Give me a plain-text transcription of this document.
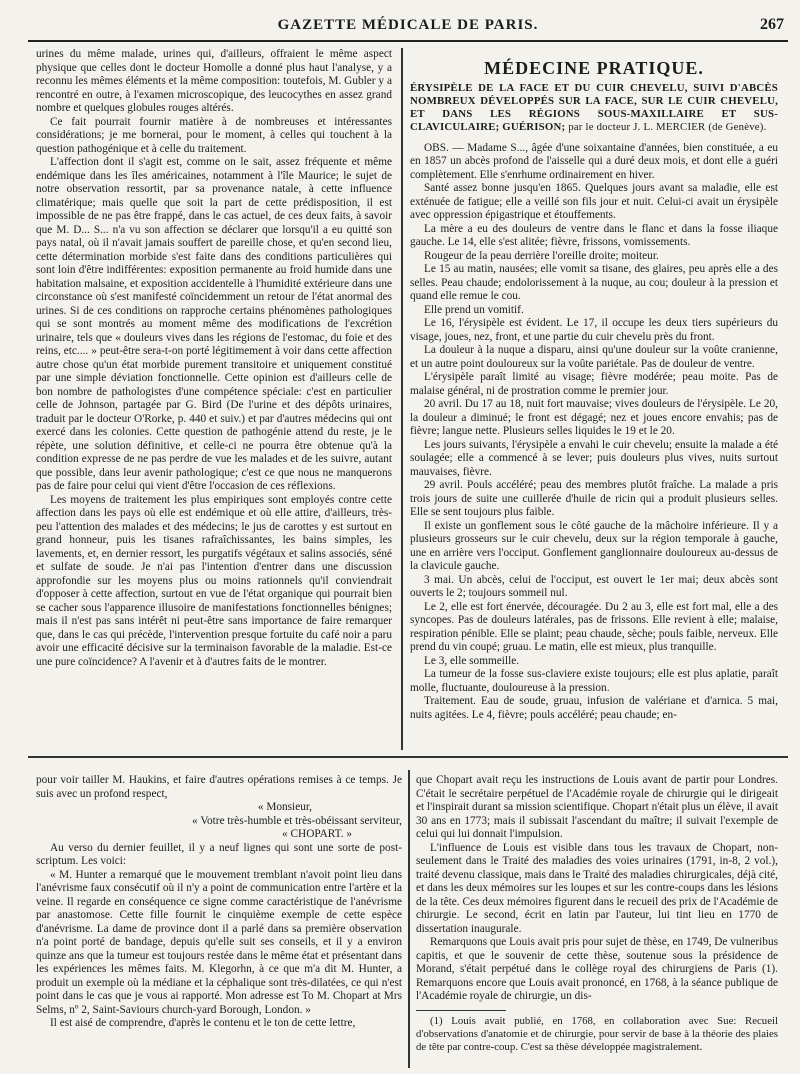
GAZETTE MÉDICALE DE PARIS.	267

urines du même malade, urines qui, d'ailleurs, offraient le même aspect physique que celles dont le docteur Homolle a donné plus haut l'analyse, y a reconnu les mêmes éléments et la même composition: toutefois, M. Gubler y a rencontré en outre, à l'examen microscopique, des leucocythes en assez grand nombre et quelques globules rouges altérés.

Ce fait pourrait fournir matière à de nombreuses et intéressantes considérations; je me bornerai, pour le moment, à celles qui touchent à la question pathogénique et à celle du traitement.

L'affection dont il s'agit est, comme on le sait, assez fréquente et même endémique dans les îles américaines, notamment à l'île Maurice; le sujet de notre observation ressortit, par sa provenance natale, à cette influence climatérique; mais quelle que soit la part de cette prédisposition, il est impossible de ne pas être frappé, dans le cas actuel, de ces deux faits, à savoir que M. D... S... n'a vu son affection se déclarer que lorsqu'il a eu quitté son pays natal, où il n'avait jamais souffert de pareille chose, et qu'en second lieu, cette détermination morbide s'est faite dans des conditions particulières qui sont loin d'être indifférentes: exposition permanente au froid humide dans une habitation malsaine, et exposition accidentelle à l'humidité extérieure dans une circonstance où s'est manifesté coïncidemment un retour de l'état anormal des urines. Si de ces conditions on rapproche certains phénomènes pathologiques qui se sont montrés au moment même des modifications de l'excrétion urinaire, tels que « douleurs vives dans les régions de l'estomac, du foie et des reins, etc.... » peut-être sera-t-on porté légitimement à voir dans cette affection autre chose qu'un état morbide purement transitoire et uniquement constitué par une simple déviation fonctionnelle. Cette opinion est d'ailleurs celle de bon nombre de pathologistes d'une compétence spéciale: c'est en particulier celle de Johnson, partagée par G. Bird (De l'urine et des dépôts urinaires, traduit par le docteur O'Rorke, p. 440 et suiv.) et par d'autres médecins qui ont exercé dans les colonies. Cette question de pathogénie attend du reste, je le répète, une solution définitive, et celle-ci ne pourra être obtenue qu'à la condition expresse de ne pas perdre de vue les malades et de les suivre, autant que possible, dans leur avenir pathologique; c'est ce que nous ne manquerons pas de faire pour celui qui vient d'être l'occasion de ces réflexions.

Les moyens de traitement les plus empiriques sont employés contre cette affection dans les pays où elle est endémique et où elle attire, d'ailleurs, très-peu l'attention des malades et des médecins; le jus de carottes y est surtout en grand honneur, puis les tisanes rafraîchissantes, les bains simples, les lavements, et, en dernier ressort, les purgatifs végétaux et salins associés, séné et sulfate de soude. Je n'ai pas l'intention d'entrer dans une discussion approfondie sur les moyens plus ou moins rationnels qu'il conviendrait d'opposer à cette affection, surtout en vue de l'état organique qui pourrait bien se cacher sous l'apparence illusoire de manifestations fonctionnelles bénignes; mais il n'est pas sans intérêt ni peut-être sans importance de faire remarquer que, dans le cas qui précède, l'intervention presque fortuite du café noir a paru avoir une efficacité décisive sur la terminaison favorable de la maladie. Est-ce une pure coïncidence? A l'avenir et à d'autres faits de le montrer.

MÉDECINE PRATIQUE.
ÉRYSIPÈLE DE LA FACE ET DU CUIR CHEVELU, SUIVI D'ABCÈS NOMBREUX DÉVELOPPÉS SUR LA FACE, SUR LE CUIR CHEVELU, ET DANS LES RÉGIONS SOUS-MAXILLAIRE ET SUS-CLAVICULAIRE; GUÉRISON; par le docteur J. L. MERCIER (de Genève).

OBS. — Madame S..., âgée d'une soixantaine d'années, bien constituée, a eu en 1857 un abcès profond de l'aisselle qui a duré deux mois, et dont elle a guéri complètement. Elle s'enrhume ordinairement en hiver.

Santé assez bonne jusqu'en 1865. Quelques jours avant sa maladie, elle est exténuée de fatigue; elle a veillé son fils jour et nuit. Celui-ci avait un érysipèle avec oppression épigastrique et étouffements.

La mère a eu des douleurs de ventre dans le flanc et dans la fosse iliaque gauche. Le 14, elle s'est alitée; fièvre, frissons, vomissements.

Rougeur de la peau derrière l'oreille droite; moiteur.

Le 15 au matin, nausées; elle vomit sa tisane, des glaires, peu après elle a des selles. Peau chaude; endolorissement à la nuque, au cou; douleur à la pression et quand elle remue le cou.

Elle prend un vomitif.

Le 16, l'érysipèle est évident. Le 17, il occupe les deux tiers supérieurs du visage, joues, nez, front, et une partie du cuir chevelu près du front.

La douleur à la nuque a disparu, ainsi qu'une douleur sur la voûte cranienne, et un autre point douloureux sur la voûte pariétale. Pas de douleur de ventre.

L'érysipèle paraît limité au visage; fièvre modérée; peau moite. Pas de malaise général, ni de prostration comme le premier jour.

20 avril. Du 17 au 18, nuit fort mauvaise; vives douleurs de l'érysipèle. Le 20, la douleur a diminué; le front est dégagé; nez et joues encore envahis; pas de fièvre; langue nette. Plusieurs selles liquides le 19 et le 20.

Les jours suivants, l'érysipèle a envahi le cuir chevelu; ensuite la malade a été soulagée; elle a commencé à se lever; puis douleurs plus vives, nuits surtout mauvaises, fièvre.

29 avril. Pouls accéléré; peau des membres plutôt fraîche. La malade a pris trois jours de suite une cuillerée d'huile de ricin qui a produit plusieurs selles. Elle se sent toujours plus faible.

Il existe un gonflement sous le côté gauche de la mâchoire inférieure. Il y a plusieurs grosseurs sur le cuir chevelu, deux sur la région temporale à gauche, une en arrière vers l'occiput. Gonflement ganglionnaire douloureux au-dessus de la clavicule gauche.

3 mai. Un abcès, celui de l'occiput, est ouvert le 1er mai; deux abcès sont ouverts le 2; toujours sommeil nul.

Le 2, elle est fort énervée, découragée. Du 2 au 3, elle est fort mal, elle a des syncopes. Pas de douleurs latérales, pas de frissons. Elle revient à elle; malaise, respiration pénible. Elle se plaint; peau chaude, sèche; pouls faible, nerveux. Elle prend du vin coupé; gruau. Le matin, elle est mieux, plus tranquille.

Le 3, elle sommeille.

La tumeur de la fosse sus-claviere existe toujours; elle est plus aplatie, paraît molle, fluctuante, douloureuse à la pression.

Traitement. Eau de soude, gruau, infusion de valériane et d'arnica. 5 mai, nuits agitées. Le 4, fièvre; pouls accéléré; peau chaude; en-

pour voir tailler M. Haukins, et faire d'autres opérations remises à ce temps. Je suis avec un profond respect,

« Monsieur,

« Votre très-humble et très-obéissant serviteur,

« CHOPART. »

Au verso du dernier feuillet, il y a neuf lignes qui sont une sorte de post-scriptum. Les voici:

« M. Hunter a remarqué que le mouvement tremblant n'avoit point lieu dans l'anévrisme faux consécutif où il n'y a point de communication entre l'artère et la veine. Il regarde en conséquence ce signe comme caractéristique de l'anévrisme par anastomose. Cette fille fournit le cinquième exemple de cette espèce d'anévrisme. La dame de province dont il a parlé dans sa première observation n'a point porté de bandage, depuis qu'elle suit ses conseils, et il y a environ quinze ans que la tumeur est toujours restée dans le même état et présentant dans les expériences les mêmes faits. M. Klegorhn, à ce que m'a dit M. Hunter, a produit un exemple où la médiane et la céphalique sont très-dilatées, ce qui n'est point dans le cas que je vous ai rapporté. Mon adresse est To M. Chopart at Mrs Selms, nº 2, Saint-Saviours church-yard Borough, London. »

Il est aisé de comprendre, d'après le contenu et le ton de cette lettre,

que Chopart avait reçu les instructions de Louis avant de partir pour Londres. C'était le secrétaire perpétuel de l'Académie royale de chirurgie qui le dirigeait et l'inspirait durant sa mission scientifique. Chopart n'était plus un élève, il avait 30 ans en 1773; mais il subissait l'ascendant du maître; il suivait l'exemple de celui qui lui donnait l'impulsion.

L'influence de Louis est visible dans tous les travaux de Chopart, non-seulement dans le Traité des maladies des voies urinaires (1791, in-8, 2 vol.), traité devenu classique, mais dans le Traité des maladies chirurgicales, déjà cité, et dans les deux mémoires sur les loupes et sur les contre-coups dans les lésions de la tête. Ces deux mémoires figurent dans le recueil des prix de l'Académie de chirurgie. Le second, écrit en latin par l'auteur, lui tint lieu en 1770 de dissertation inaugurale.

Remarquons que Louis avait pris pour sujet de thèse, en 1749, De vulneribus capitis, et que le souvenir de cette thèse, soutenue sous la présidence de Morand, s'était perpétué dans le collège royal des chirurgiens de Paris (1). Remarquons encore que Louis avait prononcé, en 1768, à la séance publique de l'Académie royale de chirurgie, un dis-

(1) Louis avait publié, en 1768, en collaboration avec Sue: Recueil d'observations d'anatomie et de chirurgie, pour servir de base à la théorie des plaies de tête par contre-coup. C'est sa thèse développée magistralement.
